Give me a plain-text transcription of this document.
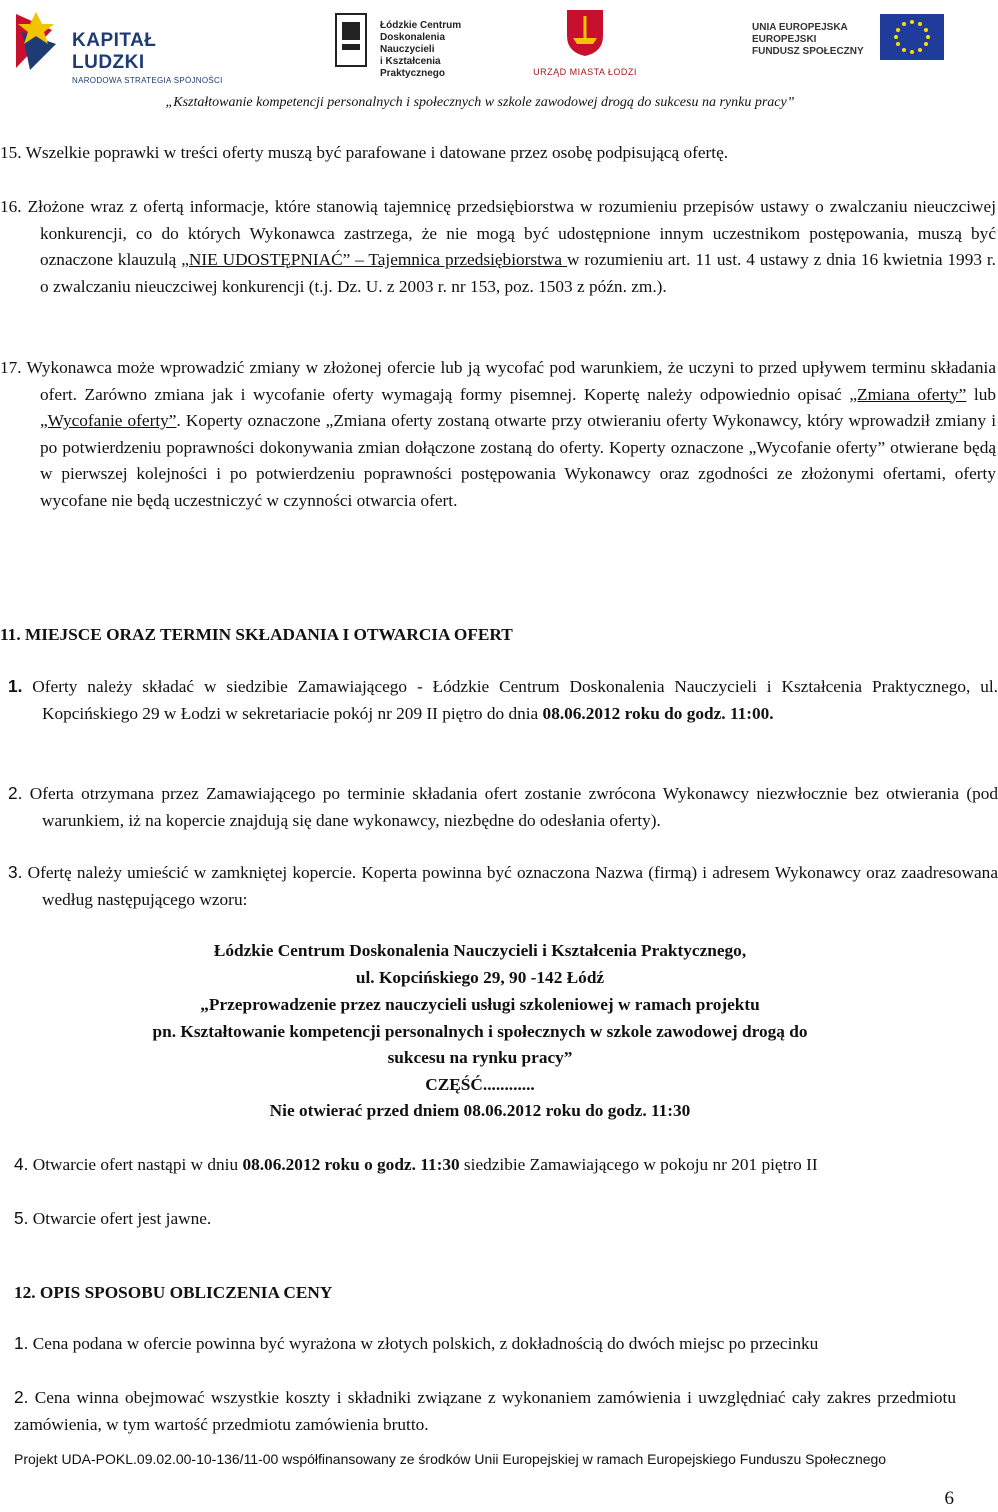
KAPITAŁ LUDZKI
NARODOWA STRATEGIA SPÓJNOŚCI
Łódzkie Centrum
Doskonalenia Nauczycieli
i Kształcenia Praktycznego	URZĄD MIASTA ŁODZI
UNIA EUROPEJSKA
EUROPEJSKI
FUNDUSZ SPOŁECZNY
„Kształtowanie kompetencji personalnych i społecznych w szkole zawodowej drogą do sukcesu na rynku pracy”

15. Wszelkie poprawki w treści oferty muszą być parafowane i datowane przez osobę podpisującą ofertę.

16. Złożone wraz z ofertą informacje, które stanowią tajemnicę przedsiębiorstwa w rozumieniu przepisów ustawy o zwalczaniu nieuczciwej konkurencji, co do których Wykonawca zastrzega, że nie mogą być udostępnione innym uczestnikom postępowania, muszą być oznaczone klauzulą „NIE UDOSTĘPNIAĆ” – Tajemnica przedsiębiorstwa w rozumieniu art. 11 ust. 4 ustawy z dnia 16 kwietnia 1993 r. o zwalczaniu nieuczciwej konkurencji (t.j. Dz. U. z 2003 r. nr 153, poz. 1503 z późn. zm.).

17. Wykonawca może wprowadzić zmiany w złożonej ofercie lub ją wycofać pod warunkiem, że uczyni to przed upływem terminu składania ofert. Zarówno zmiana jak i wycofanie oferty wymagają formy pisemnej. Kopertę należy odpowiednio opisać „Zmiana oferty” lub „Wycofanie oferty”. Koperty oznaczone „Zmiana oferty zostaną otwarte przy otwieraniu oferty Wykonawcy, który wprowadził zmiany i po potwierdzeniu poprawności dokonywania zmian dołączone zostaną do oferty. Koperty oznaczone „Wycofanie oferty” otwierane będą w pierwszej kolejności i po potwierdzeniu poprawności postępowania Wykonawcy oraz zgodności ze złożonymi ofertami, oferty wycofane nie będą uczestniczyć w czynności otwarcia ofert.

11. MIEJSCE ORAZ TERMIN SKŁADANIA I OTWARCIA OFERT

1. Oferty należy składać w siedzibie Zamawiającego - Łódzkie Centrum Doskonalenia Nauczycieli i Kształcenia Praktycznego, ul. Kopcińskiego 29 w Łodzi w sekretariacie pokój nr 209 II piętro do dnia 08.06.2012 roku do godz. 11:00.

2. Oferta otrzymana przez Zamawiającego po terminie składania ofert zostanie zwrócona Wykonawcy niezwłocznie bez otwierania (pod warunkiem, iż na kopercie znajdują się dane wykonawcy, niezbędne do odesłania oferty).

3. Ofertę należy umieścić w zamkniętej kopercie. Koperta powinna być oznaczona Nazwa (firmą) i adresem Wykonawcy oraz zaadresowana według następującego wzoru:

Łódzkie Centrum Doskonalenia Nauczycieli i Kształcenia Praktycznego,
ul. Kopcińskiego 29, 90 -142 Łódź
„Przeprowadzenie przez nauczycieli usługi szkoleniowej w ramach projektu
pn. Kształtowanie kompetencji personalnych i społecznych w szkole zawodowej drogą do
sukcesu na rynku pracy”
CZĘŚĆ............
Nie otwierać przed dniem 08.06.2012 roku do godz. 11:30

4. Otwarcie ofert nastąpi w dniu 08.06.2012 roku o godz. 11:30 siedzibie Zamawiającego w pokoju nr 201 piętro II

5. Otwarcie ofert jest jawne.

12. OPIS SPOSOBU OBLICZENIA CENY

1. Cena podana w ofercie powinna być wyrażona w złotych polskich, z dokładnością do dwóch miejsc po przecinku

2. Cena winna obejmować wszystkie koszty i składniki związane z wykonaniem zamówienia i uwzględniać cały zakres przedmiotu zamówienia, w tym wartość przedmiotu zamówienia brutto.

Projekt UDA-POKL.09.02.00-10-136/11-00 współfinansowany ze środków Unii Europejskiej w ramach Europejskiego Funduszu Społecznego
6
